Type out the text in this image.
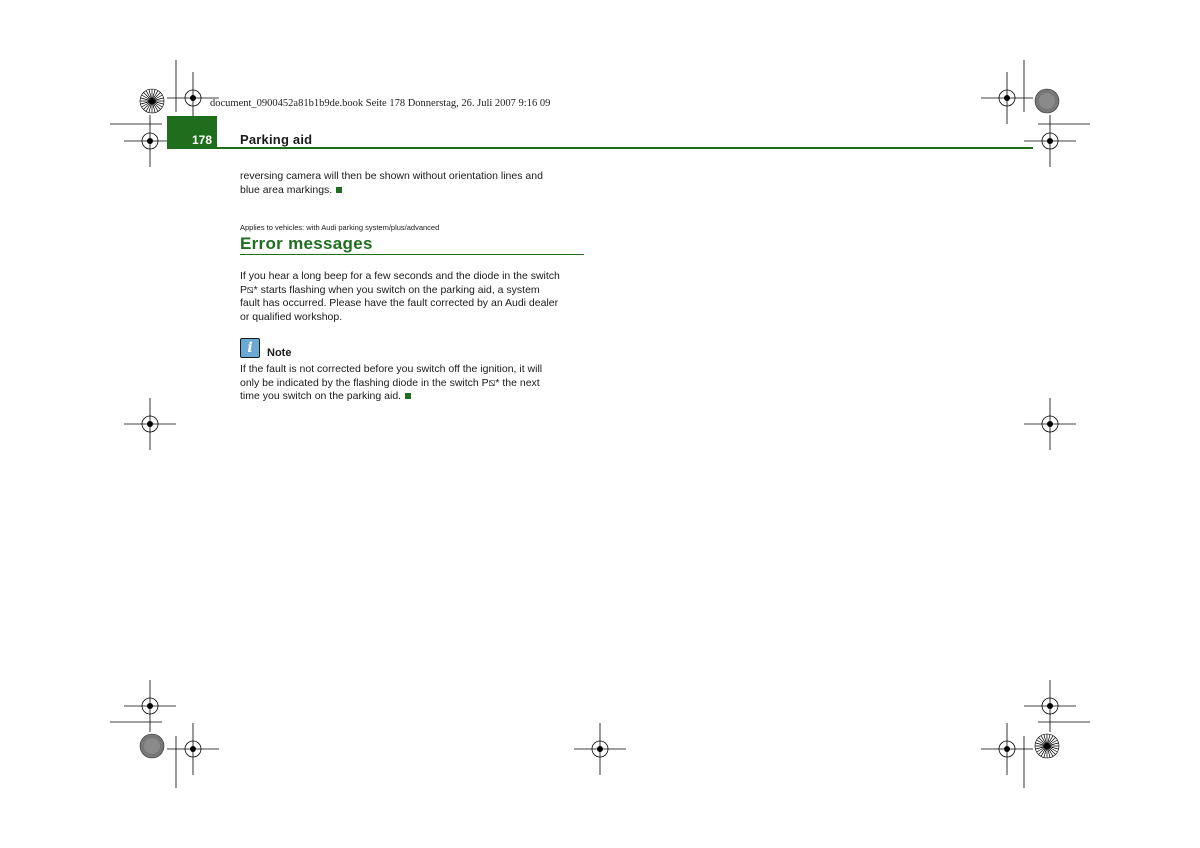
document_0900452a81b1b9de.book Seite 178 Donnerstag, 26. Juli 2007 9:16 09
178 Parking aid
reversing camera will then be shown without orientation lines and
blue area markings.
Applies to vehicles: with Audi parking system/plus/advanced
Error messages
If you hear a long beep for a few seconds and the diode in the switch
P⧅* starts flashing when you switch on the parking aid, a system
fault has occurred. Please have the fault corrected by an Audi dealer
or qualified workshop.
i Note
If the fault is not corrected before you switch off the ignition, it will
only be indicated by the flashing diode in the switch P⧅* the next
time you switch on the parking aid.
